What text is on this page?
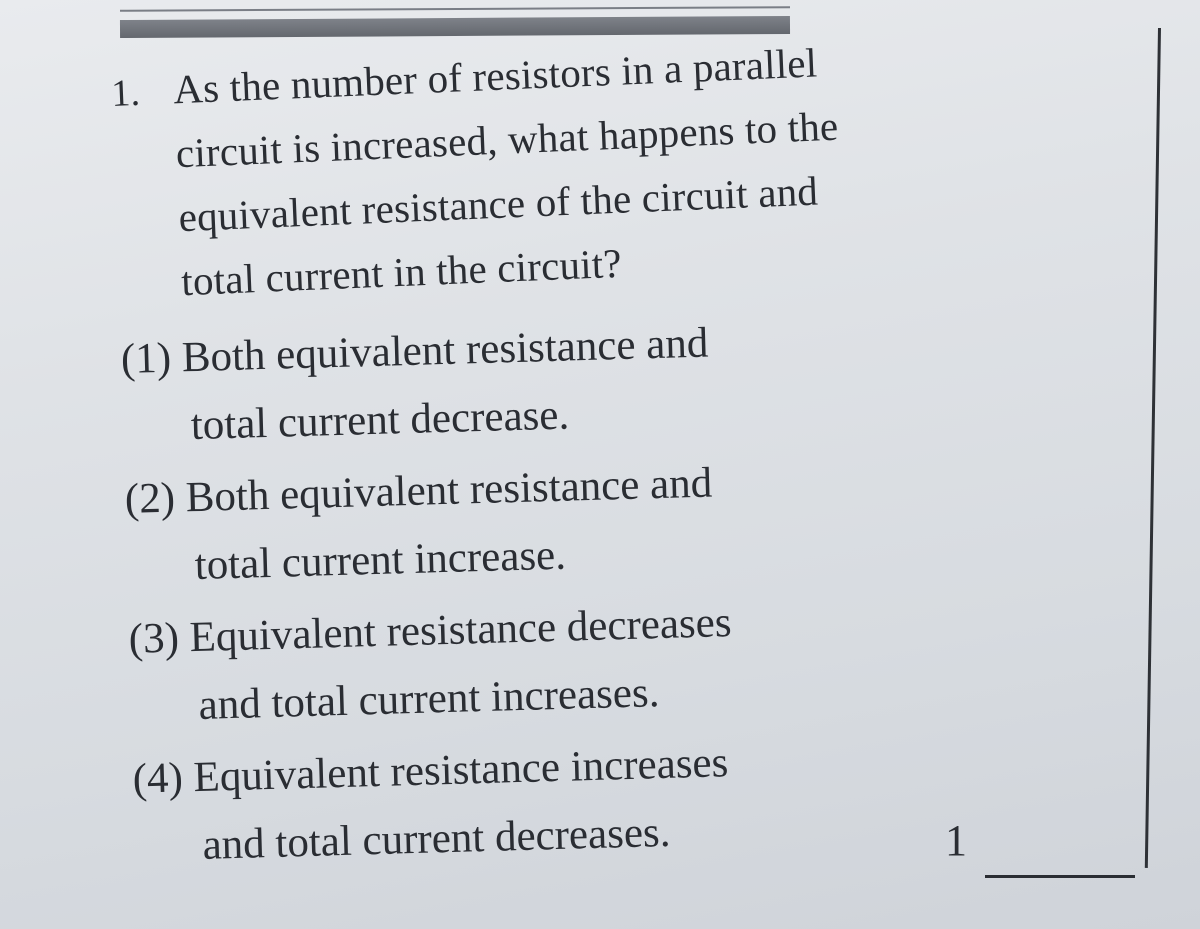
1. As the number of resistors in a parallel
circuit is increased, what happens to the
equivalent resistance of the circuit and
total current in the circuit?
(1) Both equivalent resistance and
total current decrease.
(2) Both equivalent resistance and
total current increase.
(3) Equivalent resistance decreases
and total current increases.
(4) Equivalent resistance increases
and total current decreases.	1
